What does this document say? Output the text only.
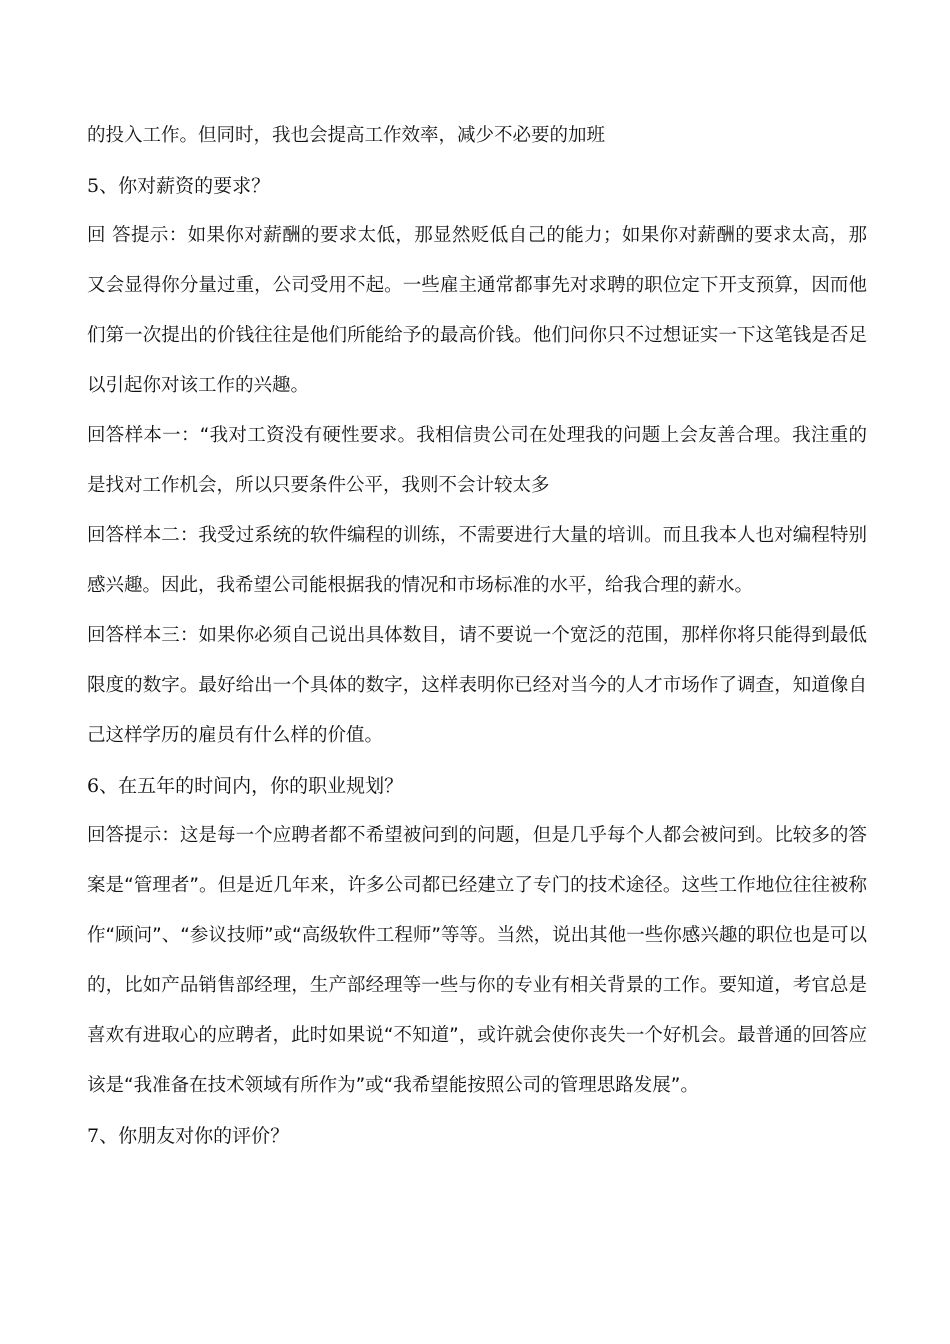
的投入工作。但同时，我也会提高工作效率，减少不必要的加班

5、你对薪资的要求？

回 答提示：如果你对薪酬的要求太低，那显然贬低自己的能力；如果你对薪酬的要求太高，那又会显得你分量过重，公司受用不起。一些雇主通常都事先对求聘的职位定下开支预算，因而他们第一次提出的价钱往往是他们所能给予的最高价钱。他们问你只不过想证实一下这笔钱是否足以引起你对该工作的兴趣。

回答样本一：“我对工资没有硬性要求。我相信贵公司在处理我的问题上会友善合理。我注重的是找对工作机会，所以只要条件公平，我则不会计较太多

回答样本二：我受过系统的软件编程的训练，不需要进行大量的培训。而且我本人也对编程特别感兴趣。因此，我希望公司能根据我的情况和市场标准的水平，给我合理的薪水。

回答样本三：如果你必须自己说出具体数目，请不要说一个宽泛的范围，那样你将只能得到最低限度的数字。最好给出一个具体的数字，这样表明你已经对当今的人才市场作了调查，知道像自己这样学历的雇员有什么样的价值。

6、在五年的时间内，你的职业规划？

回答提示：这是每一个应聘者都不希望被问到的问题，但是几乎每个人都会被问到。比较多的答案是“管理者”。但是近几年来，许多公司都已经建立了专门的技术途径。这些工作地位往往被称作“顾问”、“参议技师”或“高级软件工程师”等等。当然，说出其他一些你感兴趣的职位也是可以的，比如产品销售部经理，生产部经理等一些与你的专业有相关背景的工作。要知道，考官总是喜欢有进取心的应聘者，此时如果说“不知道”，或许就会使你丧失一个好机会。最普通的回答应该是“我准备在技术领域有所作为”或“我希望能按照公司的管理思路发展”。

7、你朋友对你的评价？
